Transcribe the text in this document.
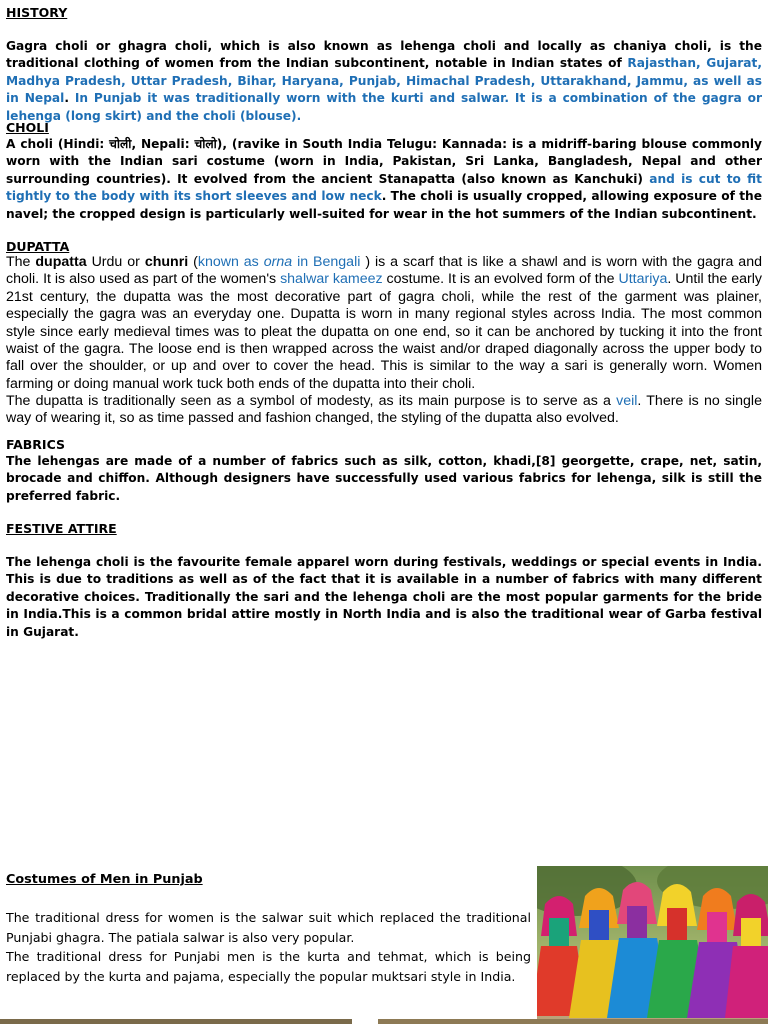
HISTORY
Gagra choli or ghagra choli, which is also known as lehenga choli and locally as chaniya choli, is the traditional clothing of women from the Indian subcontinent, notable in Indian states of Rajasthan, Gujarat, Madhya Pradesh, Uttar Pradesh, Bihar, Haryana, Punjab, Himachal Pradesh, Uttarakhand, Jammu, as well as in Nepal. In Punjab it was traditionally worn with the kurti and salwar. It is a combination of the gagra or lehenga (long skirt) and the choli (blouse).
CHOLI
A choli (Hindi: चोली, Nepali: चोलो), (ravike in South India Telugu: Kannada: is a midriff-baring blouse commonly worn with the Indian sari costume (worn in India, Pakistan, Sri Lanka, Bangladesh, Nepal and other surrounding countries). It evolved from the ancient Stanapatta (also known as Kanchuki) and is cut to fit tightly to the body with its short sleeves and low neck. The choli is usually cropped, allowing exposure of the navel; the cropped design is particularly well-suited for wear in the hot summers of the Indian subcontinent.
DUPATTA
The dupatta Urdu or chunri (known as orna in Bengali ) is a scarf that is like a shawl and is worn with the gagra and choli. It is also used as part of the women's shalwar kameez costume. It is an evolved form of the Uttariya. Until the early 21st century, the dupatta was the most decorative part of gagra choli, while the rest of the garment was plainer, especially the gagra was an everyday one. Dupatta is worn in many regional styles across India. The most common style since early medieval times was to pleat the dupatta on one end, so it can be anchored by tucking it into the front waist of the gagra. The loose end is then wrapped across the waist and/or draped diagonally across the upper body to fall over the shoulder, or up and over to cover the head. This is similar to the way a sari is generally worn. Women farming or doing manual work tuck both ends of the dupatta into their choli.
The dupatta is traditionally seen as a symbol of modesty, as its main purpose is to serve as a veil. There is no single way of wearing it, so as time passed and fashion changed, the styling of the dupatta also evolved.
FABRICS
The lehengas are made of a number of fabrics such as silk, cotton, khadi,[8] georgette, crape, net, satin, brocade and chiffon. Although designers have successfully used various fabrics for lehenga, silk is still the preferred fabric.
FESTIVE ATTIRE
The lehenga choli is the favourite female apparel worn during festivals, weddings or special events in India. This is due to traditions as well as of the fact that it is available in a number of fabrics with many different decorative choices. Traditionally the sari and the lehenga choli are the most popular garments for the bride in India.This is a common bridal attire mostly in North India and is also the traditional wear of Garba festival in Gujarat.
Costumes of Men in Punjab
The traditional dress for women is the salwar suit which replaced the traditional Punjabi ghagra. The patiala salwar is also very popular.
The traditional dress for Punjabi men is the kurta and tehmat, which is being replaced by the kurta and pajama, especially the popular muktsari style in India.
